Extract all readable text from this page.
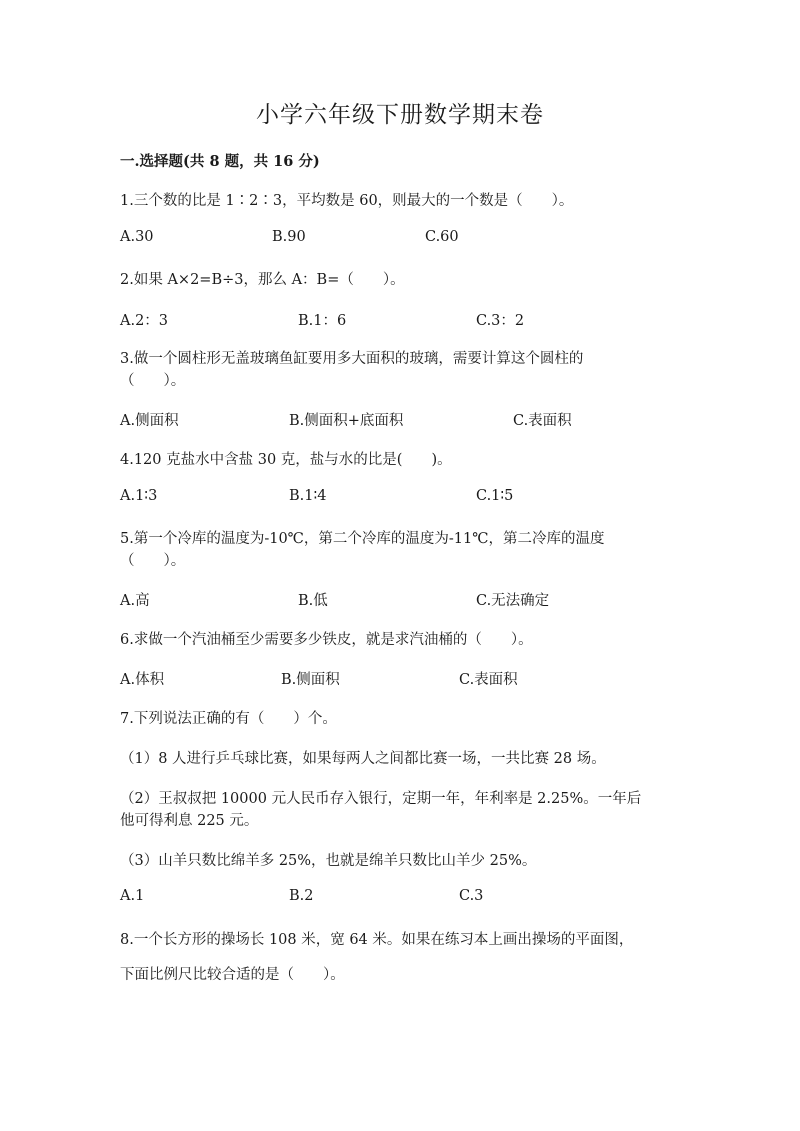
小学六年级下册数学期末卷
一.选择题(共 8 题，共 16 分)
1.三个数的比是 1∶2∶3，平均数是 60，则最大的一个数是（　　）。
A.30	B.90	C.60
2.如果 A×2=B÷3，那么 A：B=（　　）。
A.2：3	B.1：6	C.3：2
3.做一个圆柱形无盖玻璃鱼缸要用多大面积的玻璃，需要计算这个圆柱的
（　　）。
A.侧面积	B.侧面积+底面积	C.表面积
4.120 克盐水中含盐 30 克，盐与水的比是(　　)。
A.1∶3	B.1∶4	C.1∶5
5.第一个冷库的温度为-10℃，第二个冷库的温度为-11℃，第二冷库的温度
（　　）。
A.高	B.低	C.无法确定
6.求做一个汽油桶至少需要多少铁皮，就是求汽油桶的（　　）。
A.体积	B.侧面积	C.表面积
7.下列说法正确的有（　　）个。
（1）8 人进行乒乓球比赛，如果每两人之间都比赛一场，一共比赛 28 场。
（2）王叔叔把 10000 元人民币存入银行，定期一年，年利率是 2.25%。一年后
他可得利息 225 元。
（3）山羊只数比绵羊多 25%，也就是绵羊只数比山羊少 25%。
A.1	B.2	C.3
8.一个长方形的操场长 108 米，宽 64 米。如果在练习本上画出操场的平面图，
下面比例尺比较合适的是（　　）。
